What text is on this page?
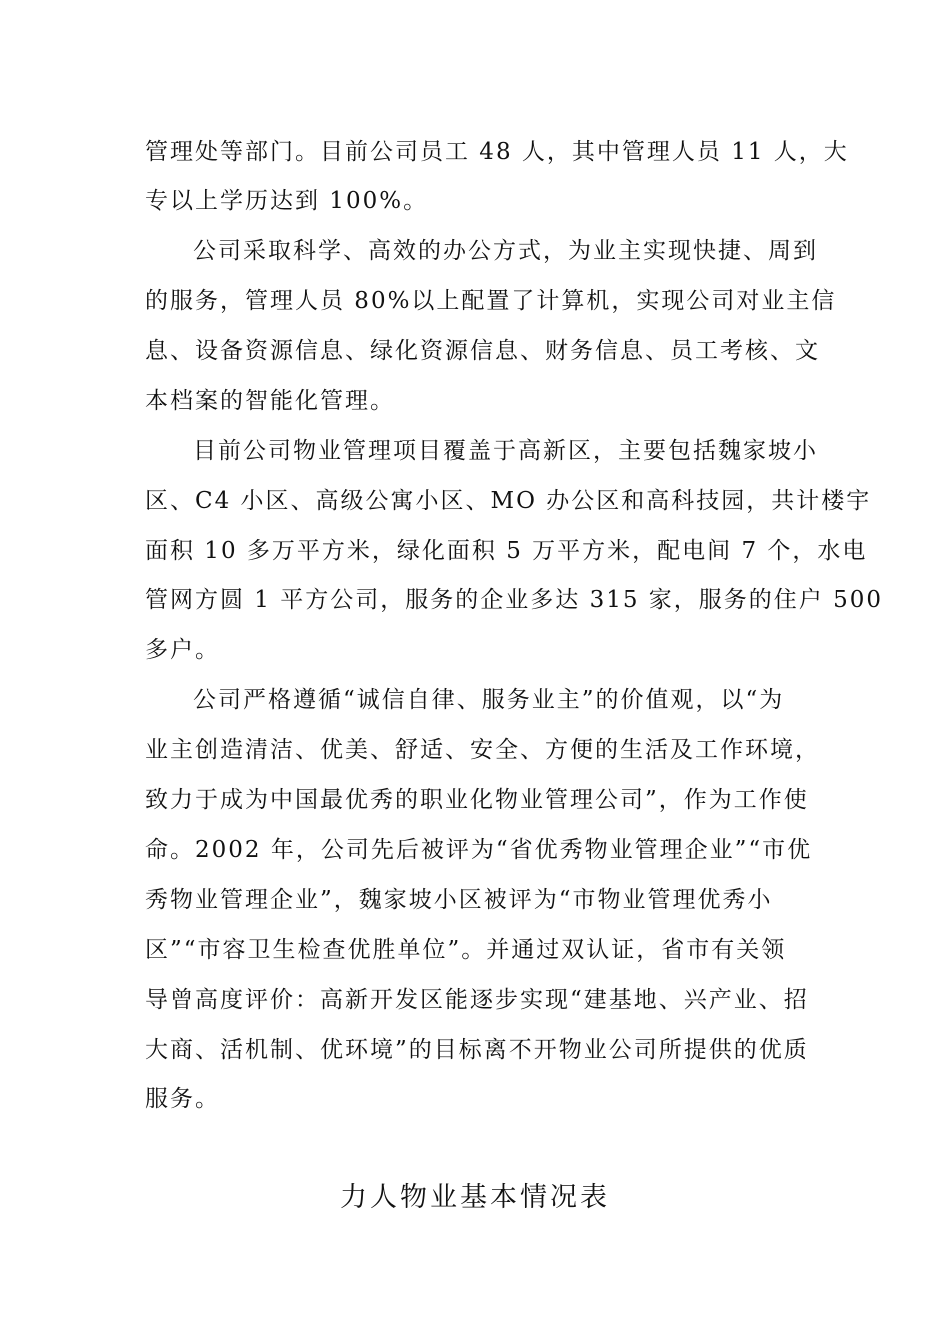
管理处等部门。目前公司员工 48 人，其中管理人员 11 人，大
专以上学历达到 100%。
公司采取科学、高效的办公方式，为业主实现快捷、周到
的服务，管理人员 80%以上配置了计算机，实现公司对业主信
息、设备资源信息、绿化资源信息、财务信息、员工考核、文
本档案的智能化管理。
目前公司物业管理项目覆盖于高新区，主要包括魏家坡小
区、C4 小区、高级公寓小区、MO 办公区和高科技园，共计楼宇
面积 10 多万平方米，绿化面积 5 万平方米，配电间 7 个，水电
管网方圆 1 平方公司，服务的企业多达 315 家，服务的住户 500
多户。
公司严格遵循“诚信自律、服务业主”的价值观，以“为
业主创造清洁、优美、舒适、安全、方便的生活及工作环境，
致力于成为中国最优秀的职业化物业管理公司”，作为工作使
命。2002 年，公司先后被评为“省优秀物业管理企业”“市优
秀物业管理企业”，魏家坡小区被评为“市物业管理优秀小
区”“市容卫生检查优胜单位”。并通过双认证，省市有关领
导曾高度评价：高新开发区能逐步实现“建基地、兴产业、招
大商、活机制、优环境”的目标离不开物业公司所提供的优质
服务。
力人物业基本情况表
